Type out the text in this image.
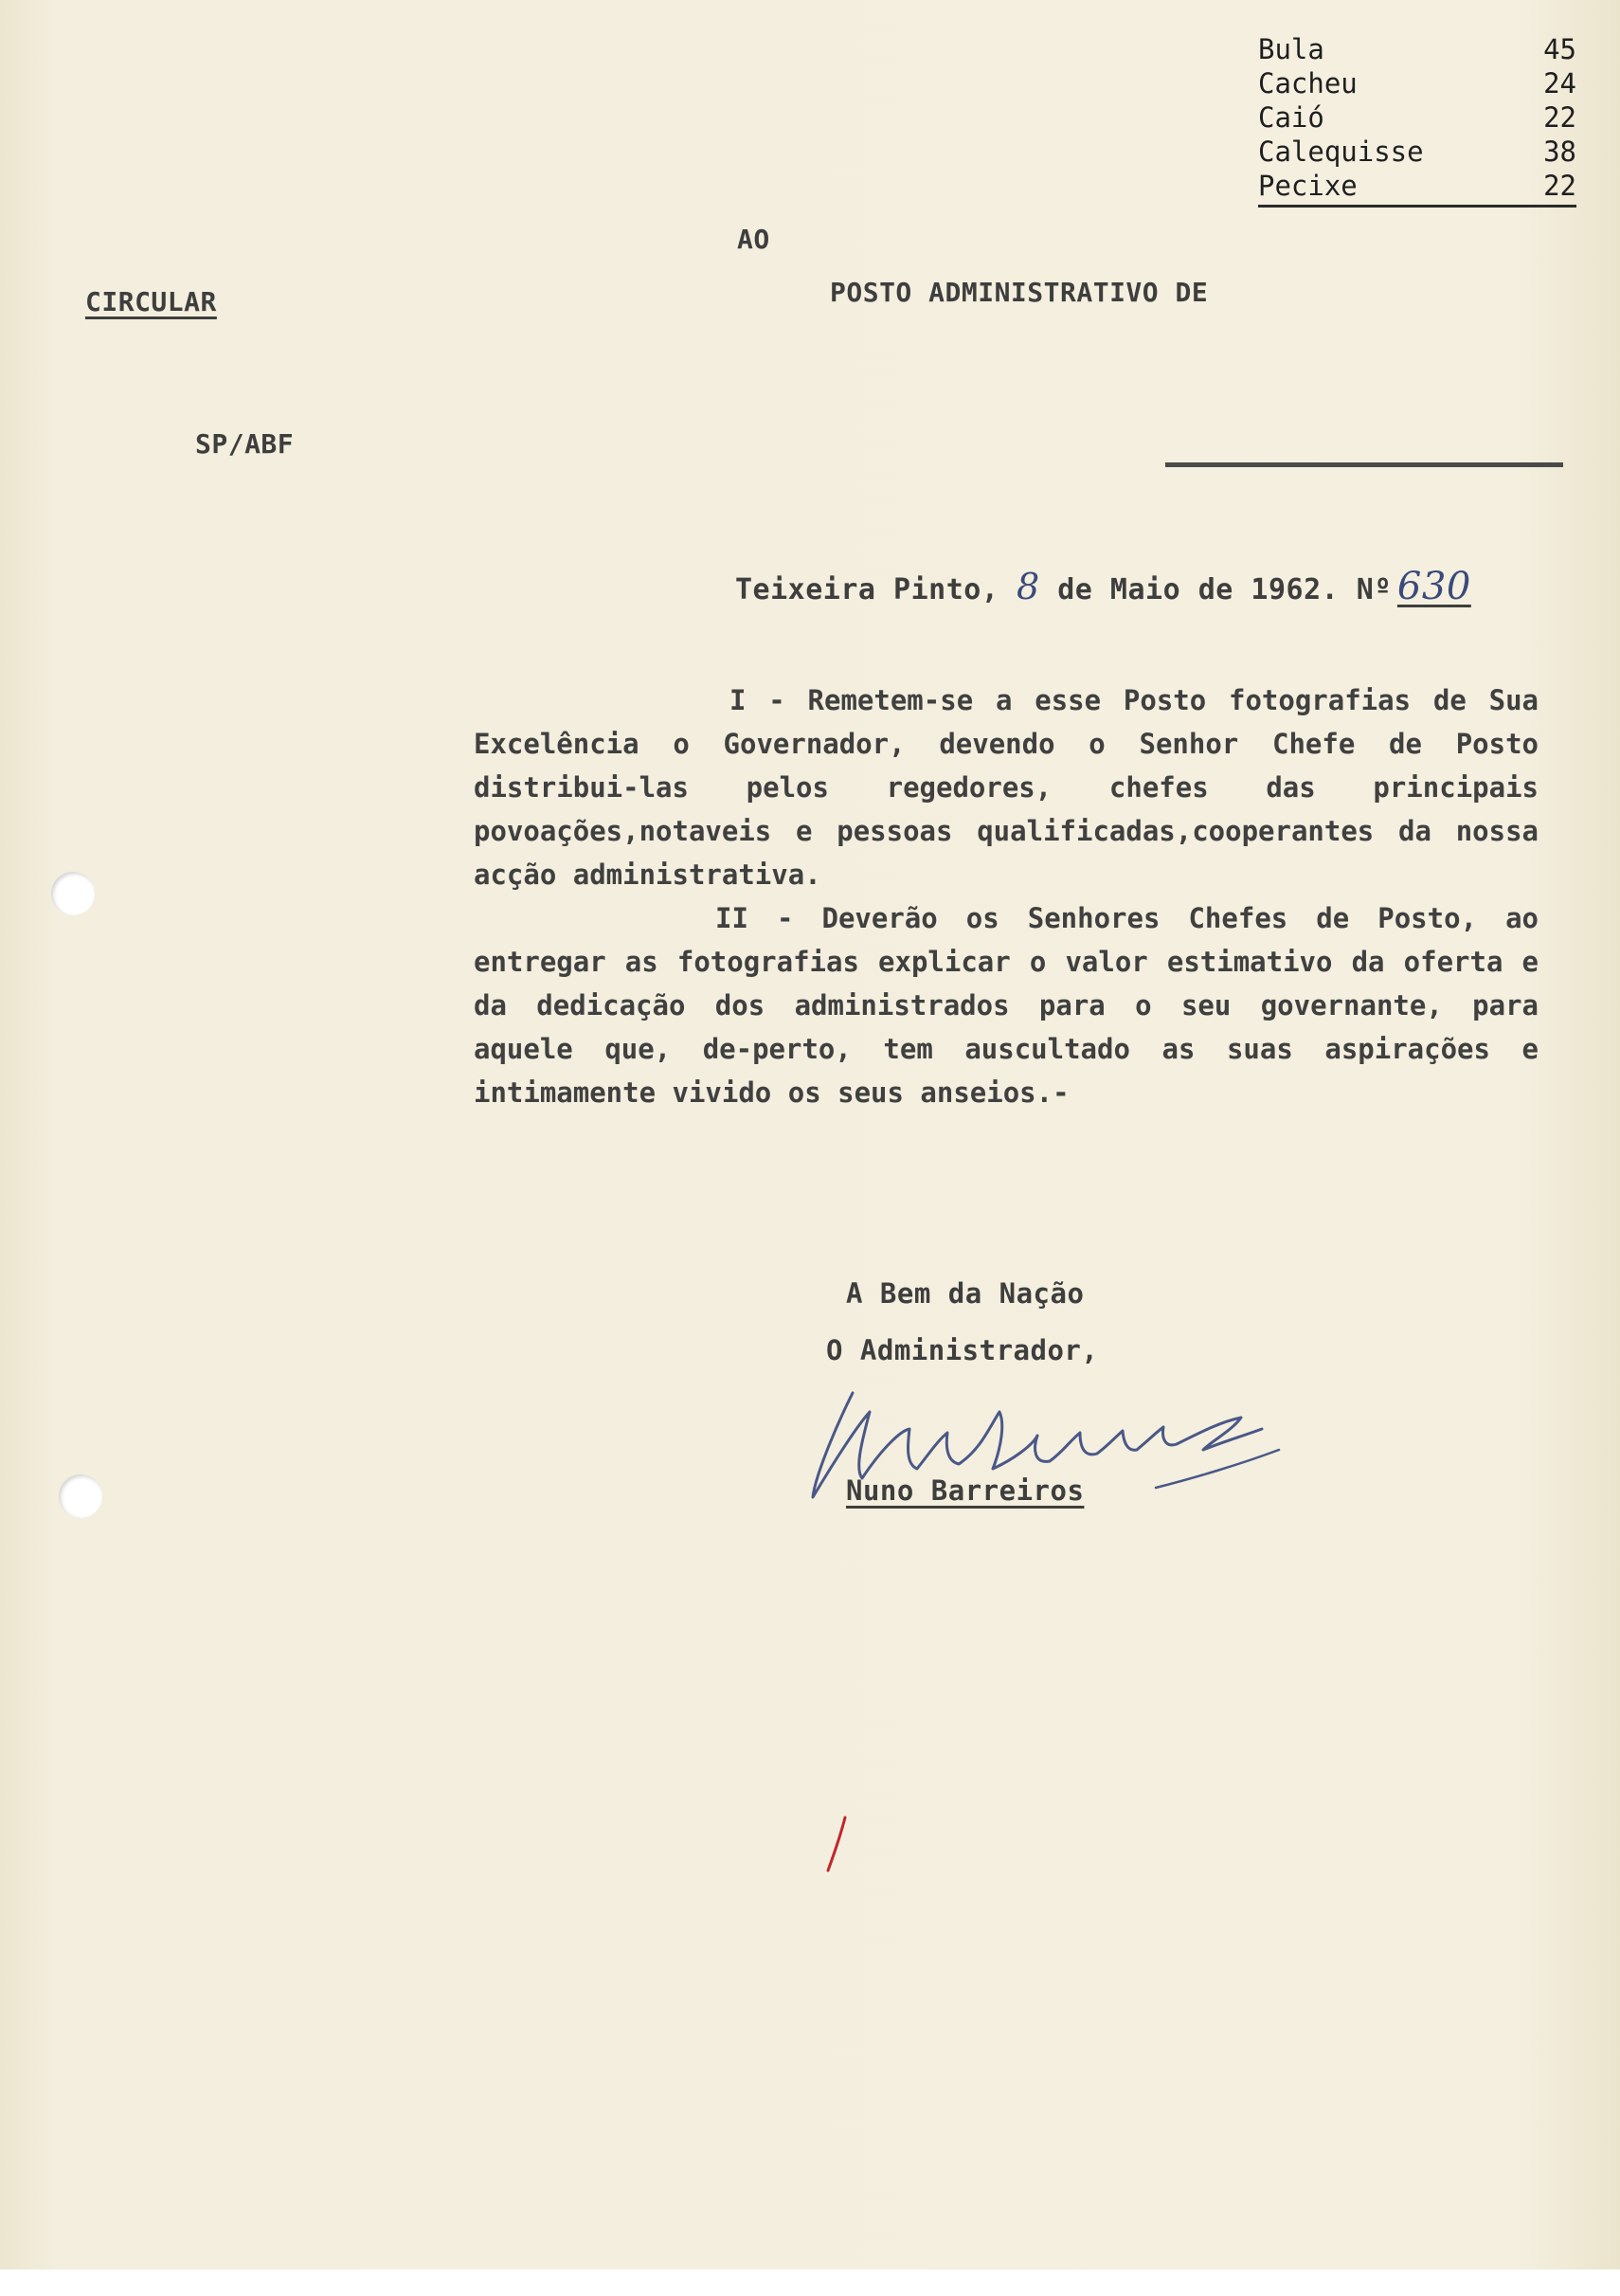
Bula	45
Cacheu	24
Caió	22
Calequisse	38
Pecixe	22
AO
CIRCULAR	POSTO ADMINISTRATIVO DE
SP/ABF
Teixeira Pinto, 8 de Maio de 1962. Nº 630

I - Remetem-se a esse Posto fotografias de Sua Excelência o Governador, devendo o Senhor Chefe de Posto distribui-las pelos regedores, chefes das principais povoações,notaveis e pessoas qualificadas,cooperantes da nossa acção administrativa.

II - Deverão os Senhores Chefes de Posto, ao entregar as fotografias explicar o valor estimativo da oferta e da dedicação dos administrados para o seu governante, para aquele que, de-perto, tem auscultado as suas aspirações e intimamente vivido os seus anseios.-

A Bem da Nação
O Administrador,
Nuno Barreiros
